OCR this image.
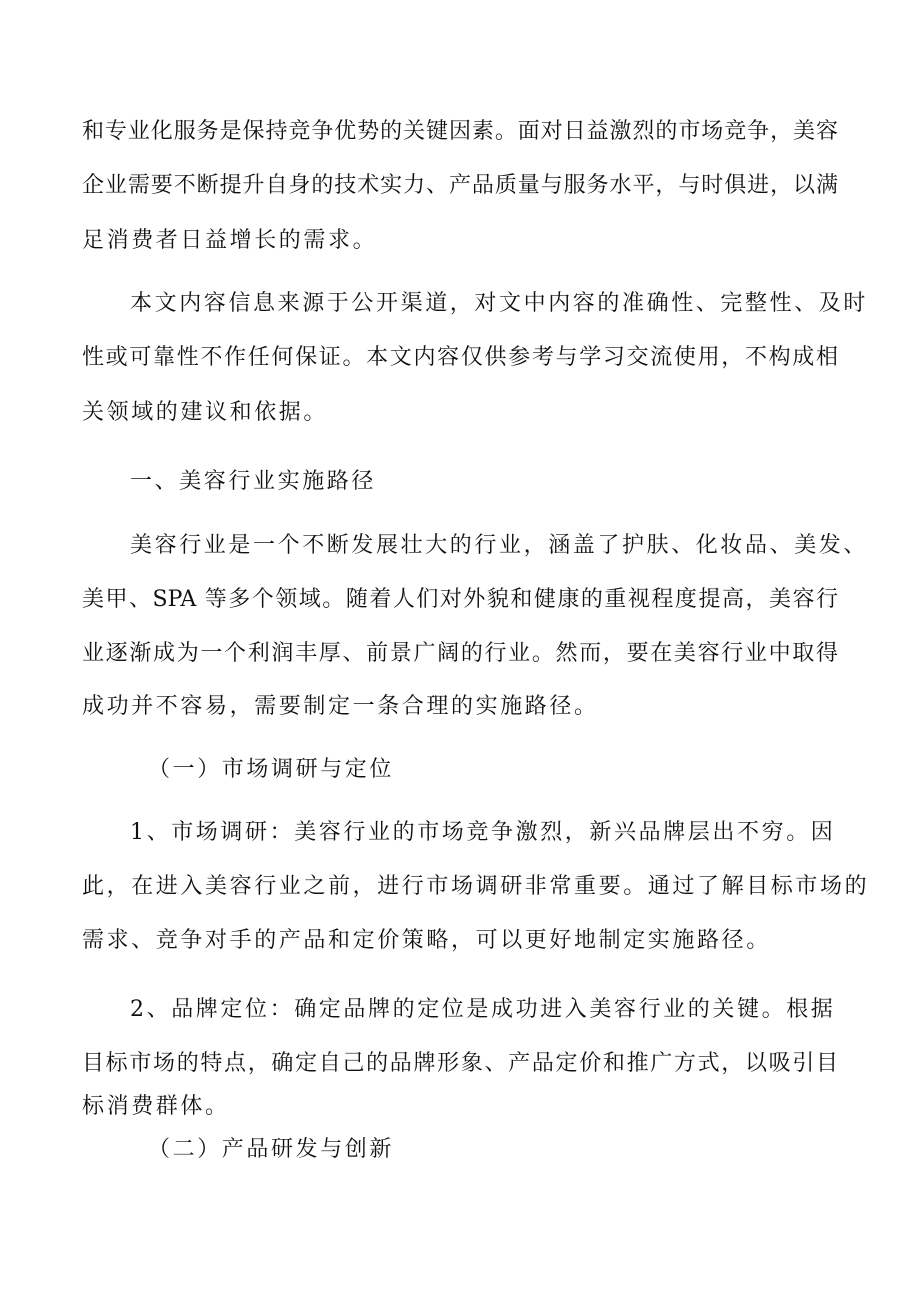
和专业化服务是保持竞争优势的关键因素。面对日益激烈的市场竞争，美容
企业需要不断提升自身的技术实力、产品质量与服务水平，与时俱进，以满
足消费者日益增长的需求。
本文内容信息来源于公开渠道，对文中内容的准确性、完整性、及时
性或可靠性不作任何保证。本文内容仅供参考与学习交流使用，不构成相
关领域的建议和依据。
一、美容行业实施路径
美容行业是一个不断发展壮大的行业，涵盖了护肤、化妆品、美发、
美甲、SPA 等多个领域。随着人们对外貌和健康的重视程度提高，美容行
业逐渐成为一个利润丰厚、前景广阔的行业。然而，要在美容行业中取得
成功并不容易，需要制定一条合理的实施路径。
（一）市场调研与定位
1、市场调研：美容行业的市场竞争激烈，新兴品牌层出不穷。因
此，在进入美容行业之前，进行市场调研非常重要。通过了解目标市场的
需求、竞争对手的产品和定价策略，可以更好地制定实施路径。
2、品牌定位：确定品牌的定位是成功进入美容行业的关键。根据
目标市场的特点，确定自己的品牌形象、产品定价和推广方式，以吸引目
标消费群体。
（二）产品研发与创新
